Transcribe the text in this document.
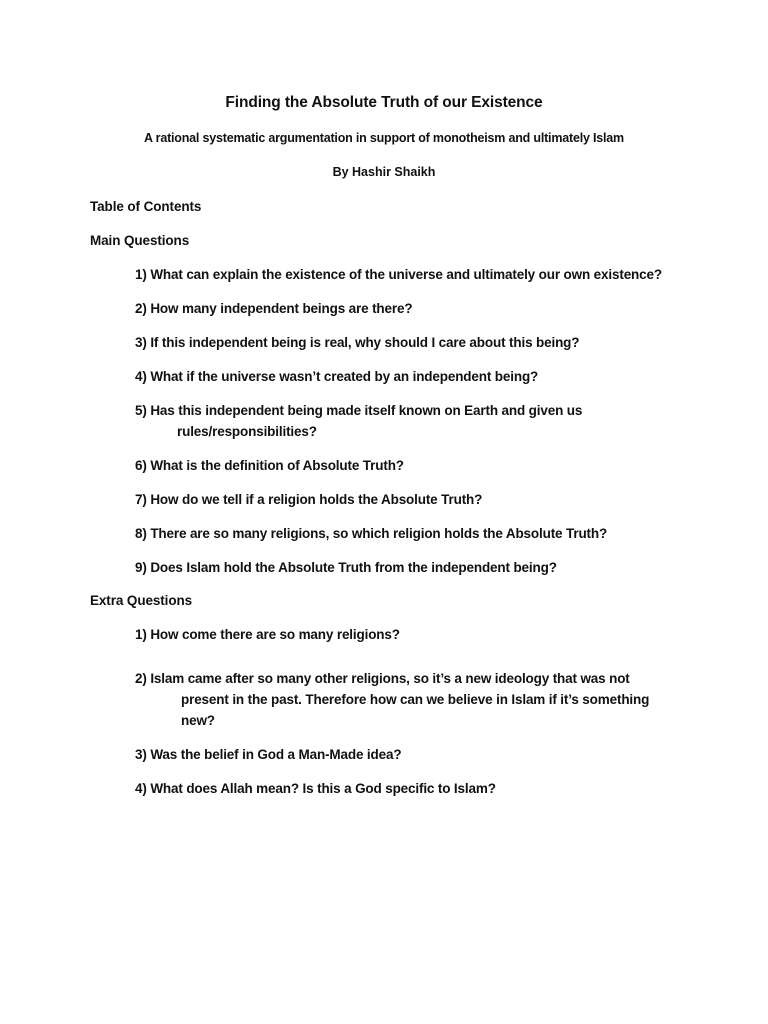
Finding the Absolute Truth of our Existence
A rational systematic argumentation in support of monotheism and ultimately Islam
By Hashir Shaikh
Table of Contents
Main Questions
1) What can explain the existence of the universe and ultimately our own existence?
2) How many independent beings are there?
3) If this independent being is real, why should I care about this being?
4) What if the universe wasn’t created by an independent being?
5) Has this independent being made itself known on Earth and given us
rules/responsibilities?
6) What is the definition of Absolute Truth?
7) How do we tell if a religion holds the Absolute Truth?
8) There are so many religions, so which religion holds the Absolute Truth?
9) Does Islam hold the Absolute Truth from the independent being?
Extra Questions
1) How come there are so many religions?
2) Islam came after so many other religions, so it’s a new ideology that was not
present in the past. Therefore how can we believe in Islam if it’s something
new?
3) Was the belief in God a Man-Made idea?
4) What does Allah mean? Is this a God specific to Islam?
